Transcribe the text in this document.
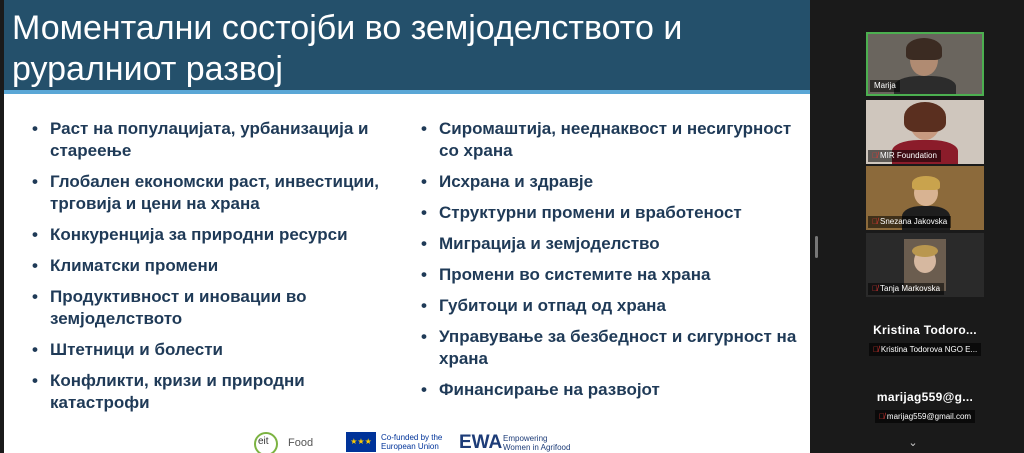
Моментални состојби во земјоделството и руралниот развој
• Раст на популацијата, урбанизација и стареење
• Глобален економски раст, инвестиции, трговија и цени на храна
• Конкуренција за природни ресурси
• Климатски промени
• Продуктивност и иновации во земјоделството
• Штетници и болести
• Конфликти, кризи и природни катастрофи
• Сиромаштија, нееднаквост и несигурност со храна
• Исхрана и здравје
• Структурни промени и вработеност
• Миграција и земјоделство
• Промени во системите на храна
• Губитоци и отпад од храна
• Управување за безбедност и сигурност на храна
• Финансирање на развојот
eit Food	★★★	Co-funded by the European Union	EWA Empowering Women in Agrifood
Marija
🎙̸ MIR Foundation
🎙̸ Snezana Jakovska
🎙̸ Tanja Markovska
Kristina Todoro...
🎙̸ Kristina Todorova NGO E...
marijag559@g...
🎙̸ marijag559@gmail.com
⌄
